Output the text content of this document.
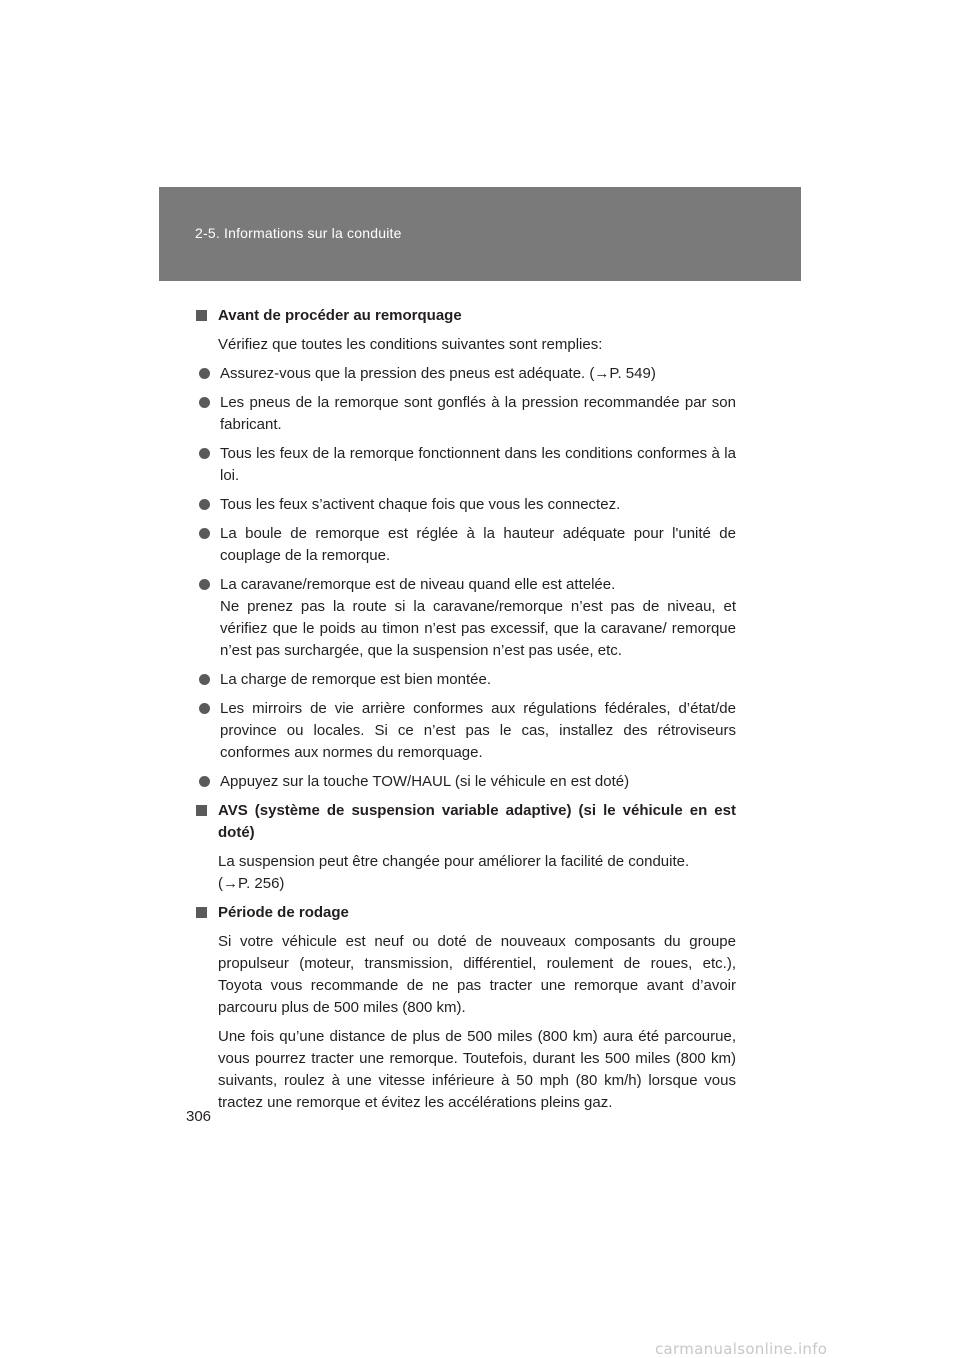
2-5. Informations sur la conduite
Avant de procéder au remorquage
Vérifiez que toutes les conditions suivantes sont remplies:
Assurez-vous que la pression des pneus est adéquate. (→P. 549)
Les pneus de la remorque sont gonflés à la pression recommandée par son fabricant.
Tous les feux de la remorque fonctionnent dans les conditions conformes à la loi.
Tous les feux s’activent chaque fois que vous les connectez.
La boule de remorque est réglée à la hauteur adéquate pour l'unité de couplage de la remorque.
La caravane/remorque est de niveau quand elle est attelée.
Ne prenez pas la route si la caravane/remorque n’est pas de niveau, et vérifiez que le poids au timon n’est pas excessif, que la caravane/ remorque n’est pas surchargée, que la suspension n’est pas usée, etc.
La charge de remorque est bien montée.
Les mirroirs de vie arrière conformes aux régulations fédérales, d’état/de province ou locales. Si ce n’est pas le cas, installez des rétroviseurs conformes aux normes du remorquage.
Appuyez sur la touche TOW/HAUL (si le véhicule en est doté)
AVS (système de suspension variable adaptive) (si le véhicule en est doté)
La suspension peut être changée pour améliorer la facilité de conduite.
(→P. 256)
Période de rodage
Si votre véhicule est neuf ou doté de nouveaux composants du groupe propulseur (moteur, transmission, différentiel, roulement de roues, etc.), Toyota vous recommande de ne pas tracter une remorque avant d’avoir parcouru plus de 500 miles (800 km).
Une fois qu’une distance de plus de 500 miles (800 km) aura été parcourue, vous pourrez tracter une remorque. Toutefois, durant les 500 miles (800 km) suivants, roulez à une vitesse inférieure à 50 mph (80 km/h) lorsque vous tractez une remorque et évitez les accélérations pleins gaz.
306
carmanualsonline.info
